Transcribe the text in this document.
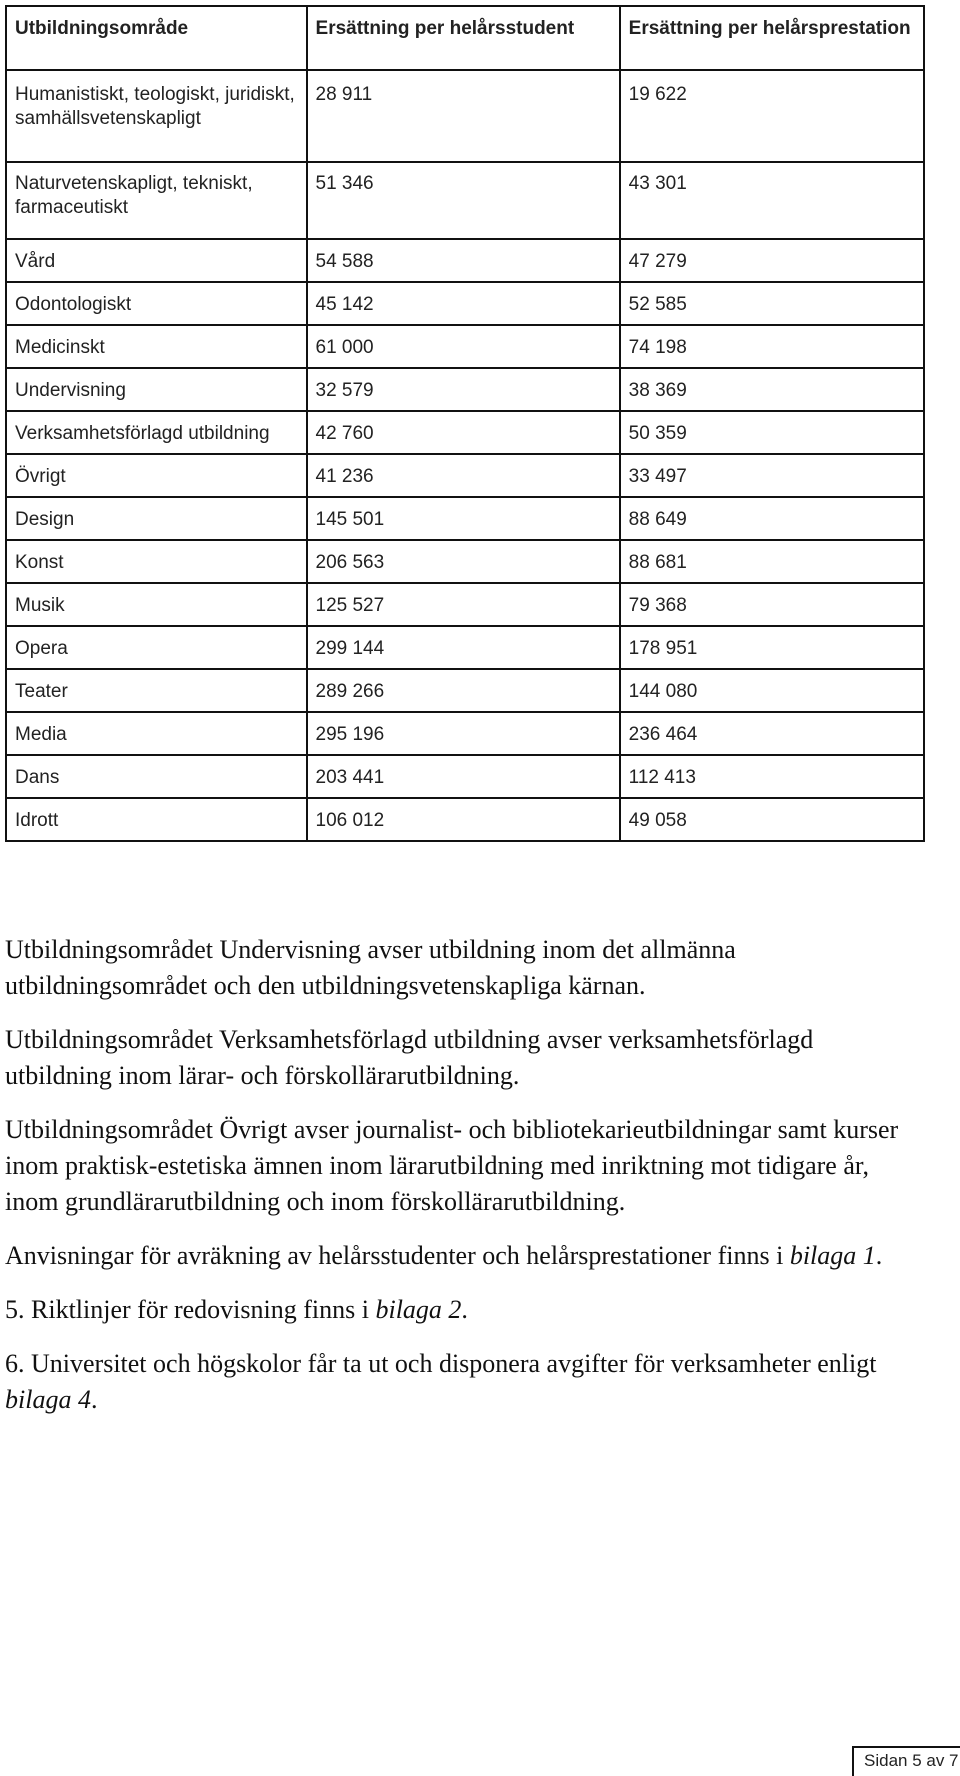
Utbildningsområde	Ersättning per helårsstudent	Ersättning per helårsprestation
Humanistiskt, teologiskt, juridiskt, samhällsvetenskapligt	28 911	19 622
Naturvetenskapligt, tekniskt, farmaceutiskt	51 346	43 301
Vård	54 588	47 279
Odontologiskt	45 142	52 585
Medicinskt	61 000	74 198
Undervisning	32 579	38 369
Verksamhetsförlagd utbildning	42 760	50 359
Övrigt	41 236	33 497
Design	145 501	88 649
Konst	206 563	88 681
Musik	125 527	79 368
Opera	299 144	178 951
Teater	289 266	144 080
Media	295 196	236 464
Dans	203 441	112 413
Idrott	106 012	49 058

Utbildningsområdet Undervisning avser utbildning inom det allmänna utbildningsområdet och den utbildningsvetenskapliga kärnan.

Utbildningsområdet Verksamhetsförlagd utbildning avser verksamhetsförlagd utbildning inom lärar- och förskollärarutbildning.

Utbildningsområdet Övrigt avser journalist- och bibliotekarieutbildningar samt kurser inom praktisk-estetiska ämnen inom lärarutbildning med inriktning mot tidigare år, inom grundlärarutbildning och inom förskollärarutbildning.

Anvisningar för avräkning av helårsstudenter och helårsprestationer finns i bilaga 1.

5. Riktlinjer för redovisning finns i bilaga 2.

6. Universitet och högskolor får ta ut och disponera avgifter för verksamheter enligt bilaga 4.

Sidan 5 av 7
